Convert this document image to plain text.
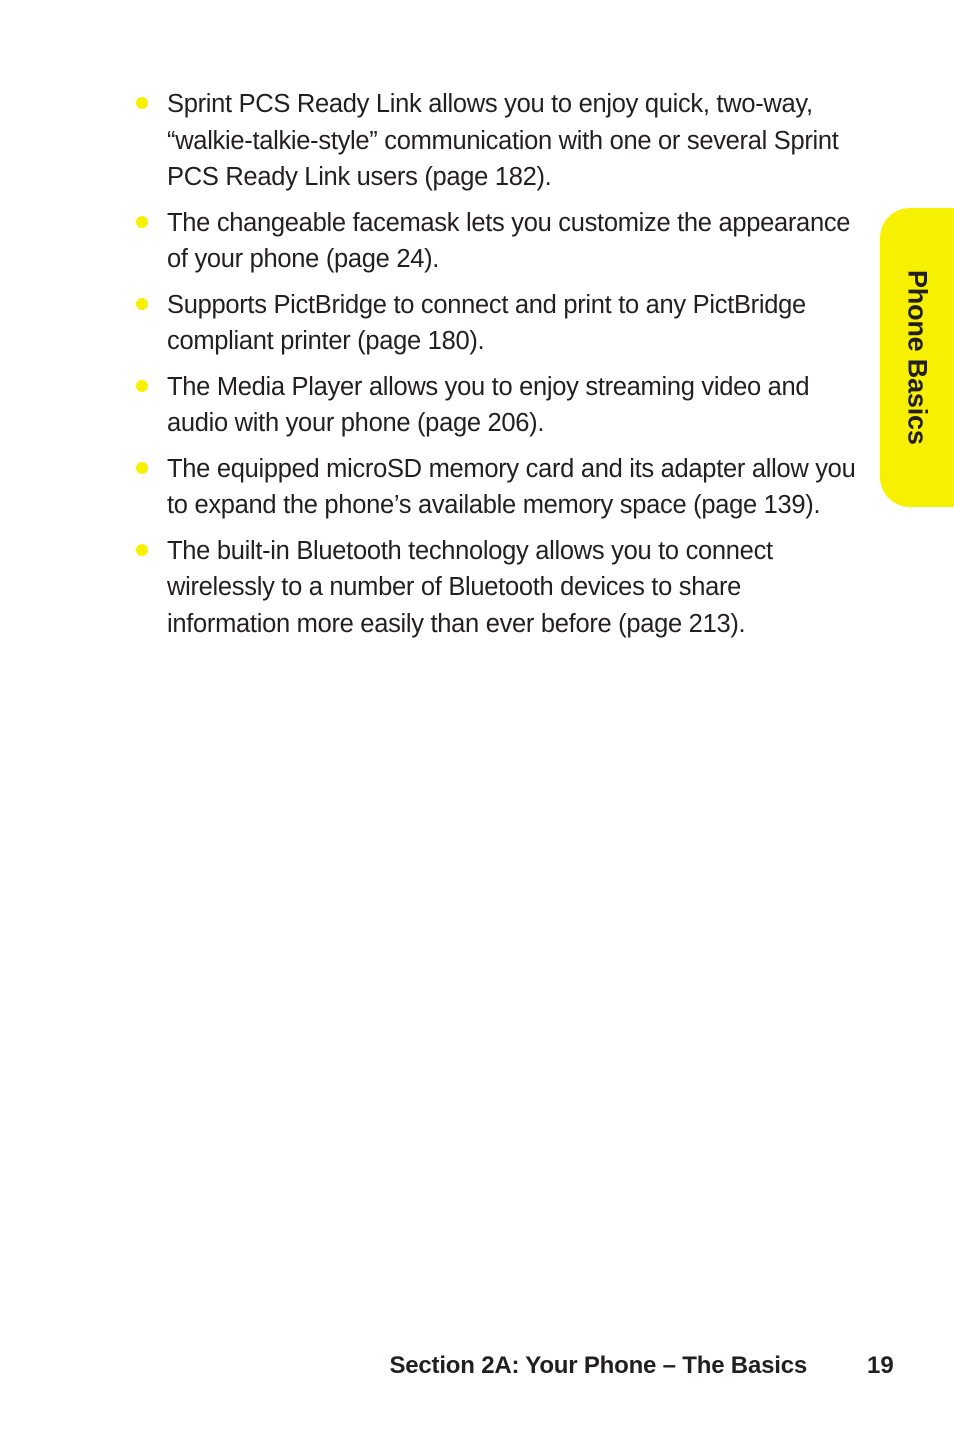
Sprint PCS Ready Link allows you to enjoy quick, two-way, “walkie-talkie-style” communication with one or several Sprint PCS Ready Link users (page 182).
The changeable facemask lets you customize the appearance of your phone (page 24).
Supports PictBridge to connect and print to any PictBridge compliant printer (page 180).
The Media Player allows you to enjoy streaming video and audio with your phone (page 206).
The equipped microSD memory card and its adapter allow you to expand the phone’s available memory space (page 139).
The built-in Bluetooth technology allows you to connect wirelessly to a number of Bluetooth devices to share information more easily than ever before (page 213).
Phone Basics
Section 2A: Your Phone – The Basics	19
